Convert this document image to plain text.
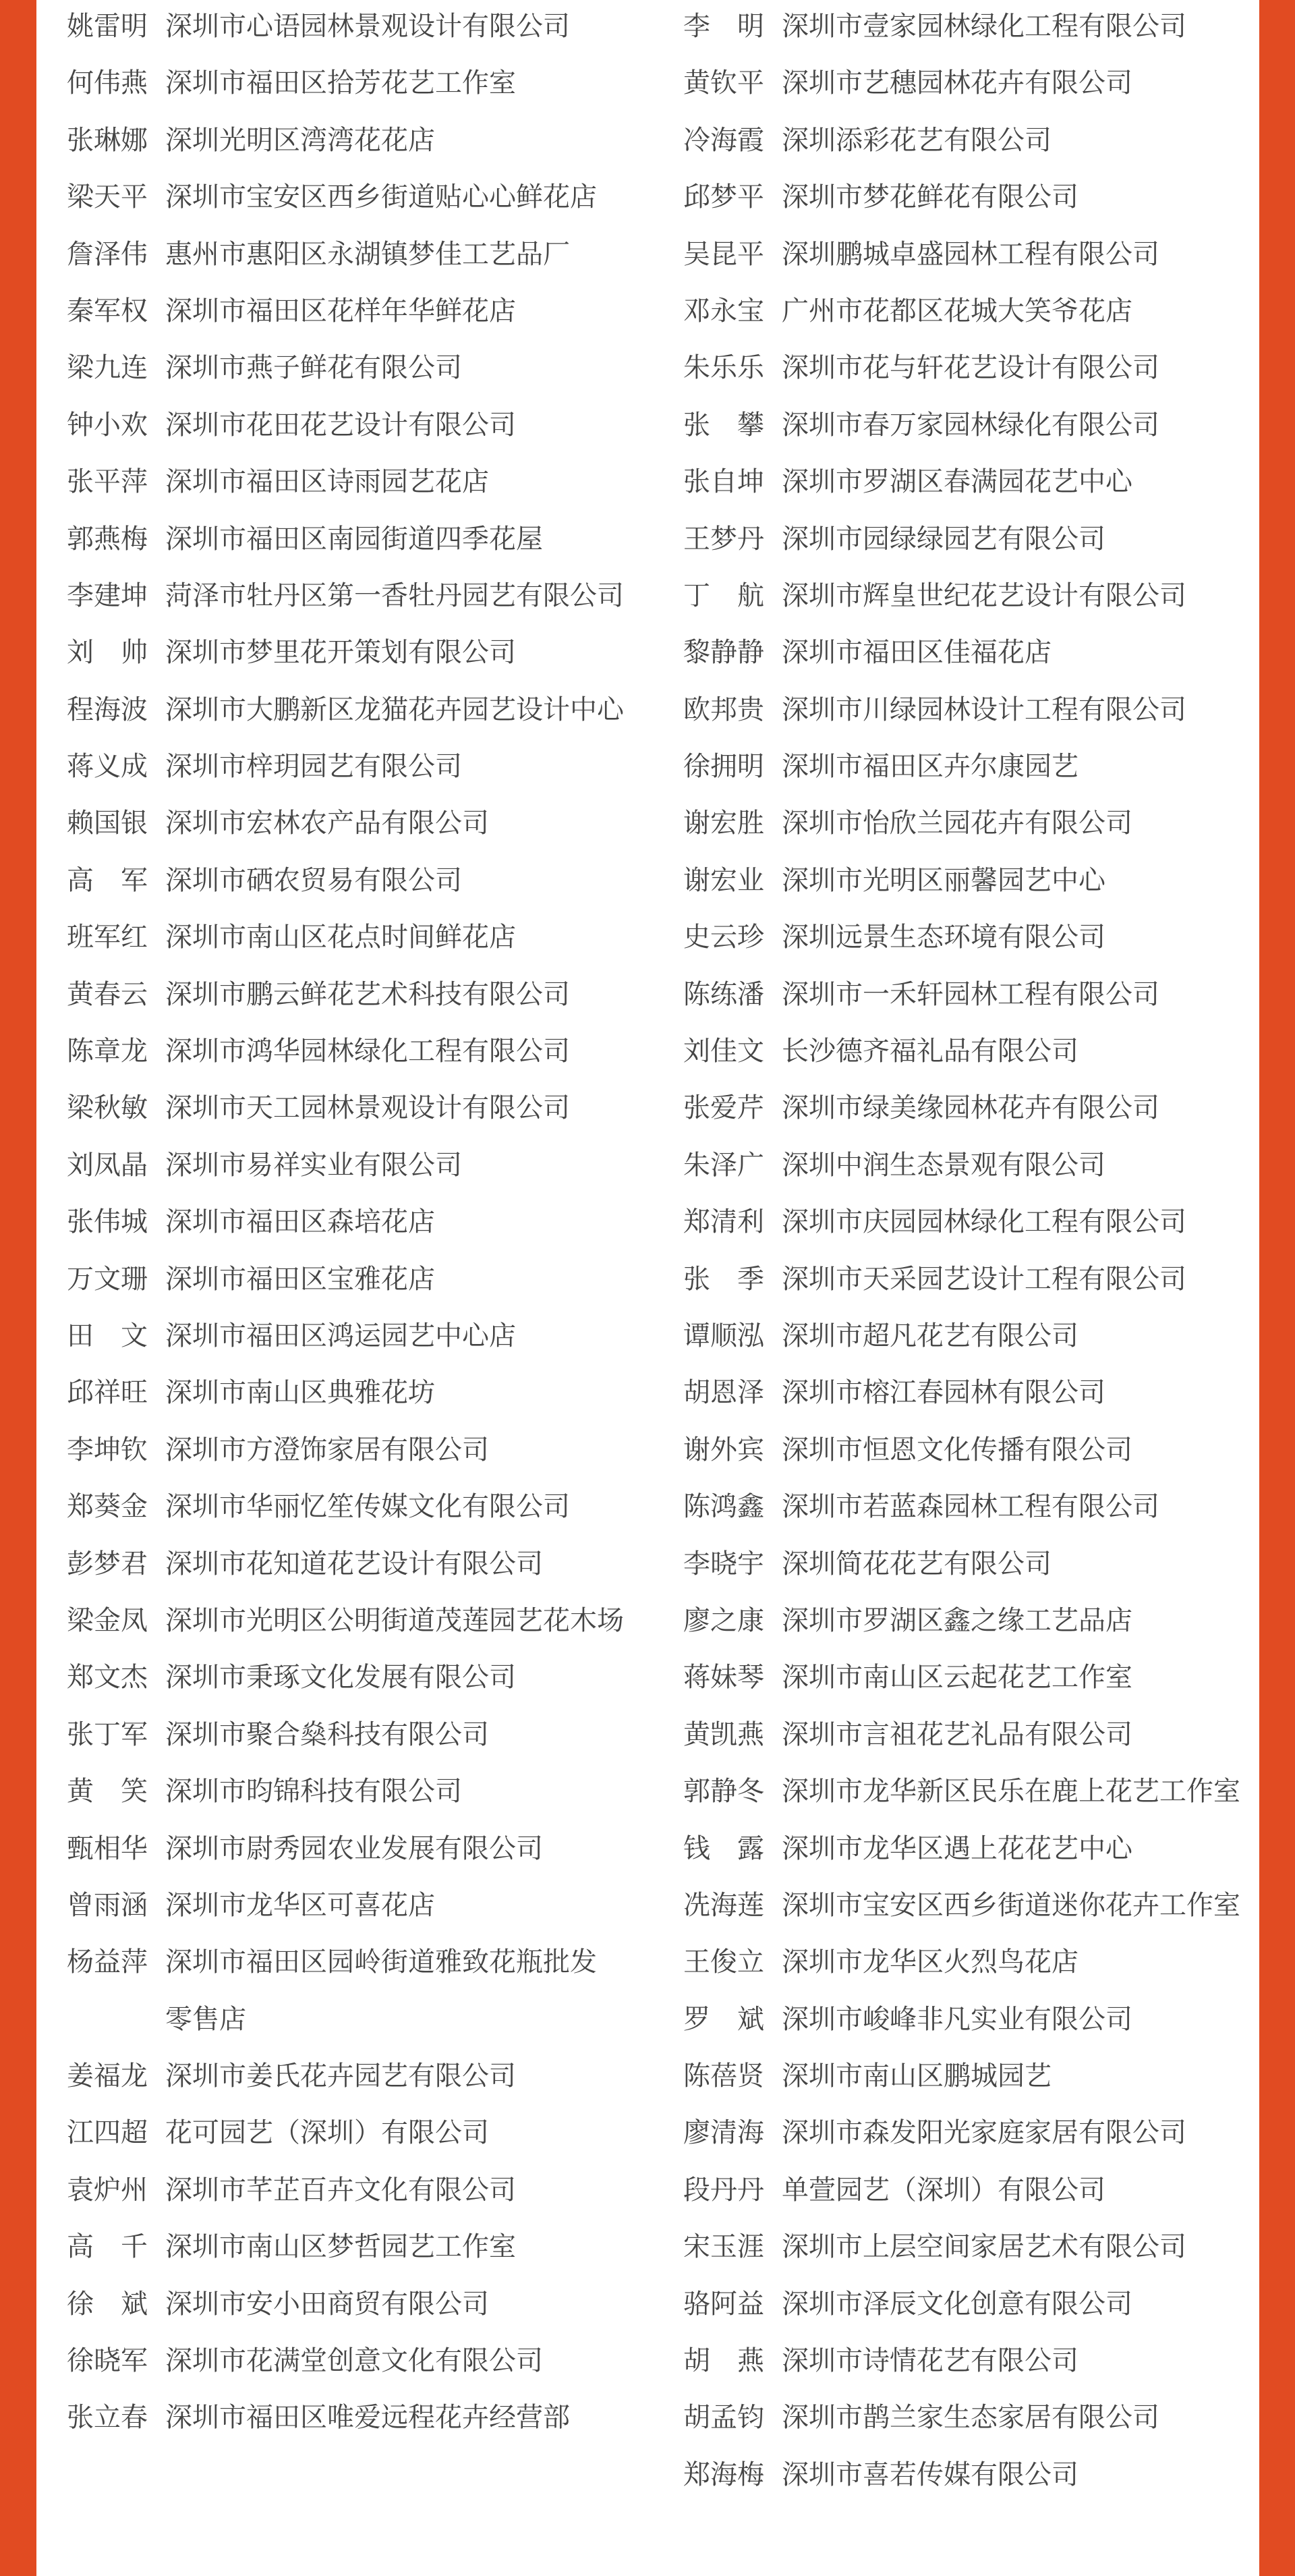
姚雷明 深圳市心语园林景观设计有限公司
何伟燕 深圳市福田区拾芳花艺工作室
张琳娜 深圳光明区湾湾花花店
梁天平 深圳市宝安区西乡街道贴心心鲜花店
詹泽伟 惠州市惠阳区永湖镇梦佳工艺品厂
秦军权 深圳市福田区花样年华鲜花店
梁九连 深圳市燕子鲜花有限公司
钟小欢 深圳市花田花艺设计有限公司
张平萍 深圳市福田区诗雨园艺花店
郭燕梅 深圳市福田区南园街道四季花屋
李建坤 菏泽市牡丹区第一香牡丹园艺有限公司
刘　帅 深圳市梦里花开策划有限公司
程海波 深圳市大鹏新区龙猫花卉园艺设计中心
蒋义成 深圳市梓玥园艺有限公司
赖国银 深圳市宏林农产品有限公司
高　军 深圳市硒农贸易有限公司
班军红 深圳市南山区花点时间鲜花店
黄春云 深圳市鹏云鲜花艺术科技有限公司
陈章龙 深圳市鸿华园林绿化工程有限公司
梁秋敏 深圳市天工园林景观设计有限公司
刘凤晶 深圳市易祥实业有限公司
张伟城 深圳市福田区森培花店
万文珊 深圳市福田区宝雅花店
田　文 深圳市福田区鸿运园艺中心店
邱祥旺 深圳市南山区典雅花坊
李坤钦 深圳市方澄饰家居有限公司
郑葵金 深圳市华丽忆笙传媒文化有限公司
彭梦君 深圳市花知道花艺设计有限公司
梁金凤 深圳市光明区公明街道茂莲园艺花木场
郑文杰 深圳市秉琢文化发展有限公司
张丁军 深圳市聚合燊科技有限公司
黄　笑 深圳市昀锦科技有限公司
甄相华 深圳市尉秀园农业发展有限公司
曾雨涵 深圳市龙华区可喜花店
杨益萍 深圳市福田区园岭街道雅致花瓶批发
零售店
姜福龙 深圳市姜氏花卉园艺有限公司
江四超 花可园艺（深圳）有限公司
袁炉州 深圳市芊芷百卉文化有限公司
高　千 深圳市南山区梦哲园艺工作室
徐　斌 深圳市安小田商贸有限公司
徐晓军 深圳市花满堂创意文化有限公司
张立春 深圳市福田区唯爱远程花卉经营部
李　明 深圳市壹家园林绿化工程有限公司
黄钦平 深圳市艺穗园林花卉有限公司
冷海霞 深圳添彩花艺有限公司
邱梦平 深圳市梦花鲜花有限公司
吴昆平 深圳鹏城卓盛园林工程有限公司
邓永宝 广州市花都区花城大笑爷花店
朱乐乐 深圳市花与轩花艺设计有限公司
张　攀 深圳市春万家园林绿化有限公司
张自坤 深圳市罗湖区春满园花艺中心
王梦丹 深圳市园绿绿园艺有限公司
丁　航 深圳市辉皇世纪花艺设计有限公司
黎静静 深圳市福田区佳福花店
欧邦贵 深圳市川绿园林设计工程有限公司
徐拥明 深圳市福田区卉尔康园艺
谢宏胜 深圳市怡欣兰园花卉有限公司
谢宏业 深圳市光明区丽馨园艺中心
史云珍 深圳远景生态环境有限公司
陈练潘 深圳市一禾轩园林工程有限公司
刘佳文 长沙德齐福礼品有限公司
张爱芹 深圳市绿美缘园林花卉有限公司
朱泽广 深圳中润生态景观有限公司
郑清利 深圳市庆园园林绿化工程有限公司
张　季 深圳市天采园艺设计工程有限公司
谭顺泓 深圳市超凡花艺有限公司
胡恩泽 深圳市榕江春园林有限公司
谢外宾 深圳市恒恩文化传播有限公司
陈鸿鑫 深圳市若蓝森园林工程有限公司
李晓宇 深圳简花花艺有限公司
廖之康 深圳市罗湖区鑫之缘工艺品店
蒋妹琴 深圳市南山区云起花艺工作室
黄凯燕 深圳市言祖花艺礼品有限公司
郭静冬 深圳市龙华新区民乐在鹿上花艺工作室
钱　露 深圳市龙华区遇上花花艺中心
冼海莲 深圳市宝安区西乡街道迷你花卉工作室
王俊立 深圳市龙华区火烈鸟花店
罗　斌 深圳市峻峰非凡实业有限公司
陈蓓贤 深圳市南山区鹏城园艺
廖清海 深圳市森发阳光家庭家居有限公司
段丹丹 单萱园艺（深圳）有限公司
宋玉涯 深圳市上层空间家居艺术有限公司
骆阿益 深圳市泽辰文化创意有限公司
胡　燕 深圳市诗情花艺有限公司
胡孟钧 深圳市鹊兰家生态家居有限公司
郑海梅 深圳市喜若传媒有限公司
